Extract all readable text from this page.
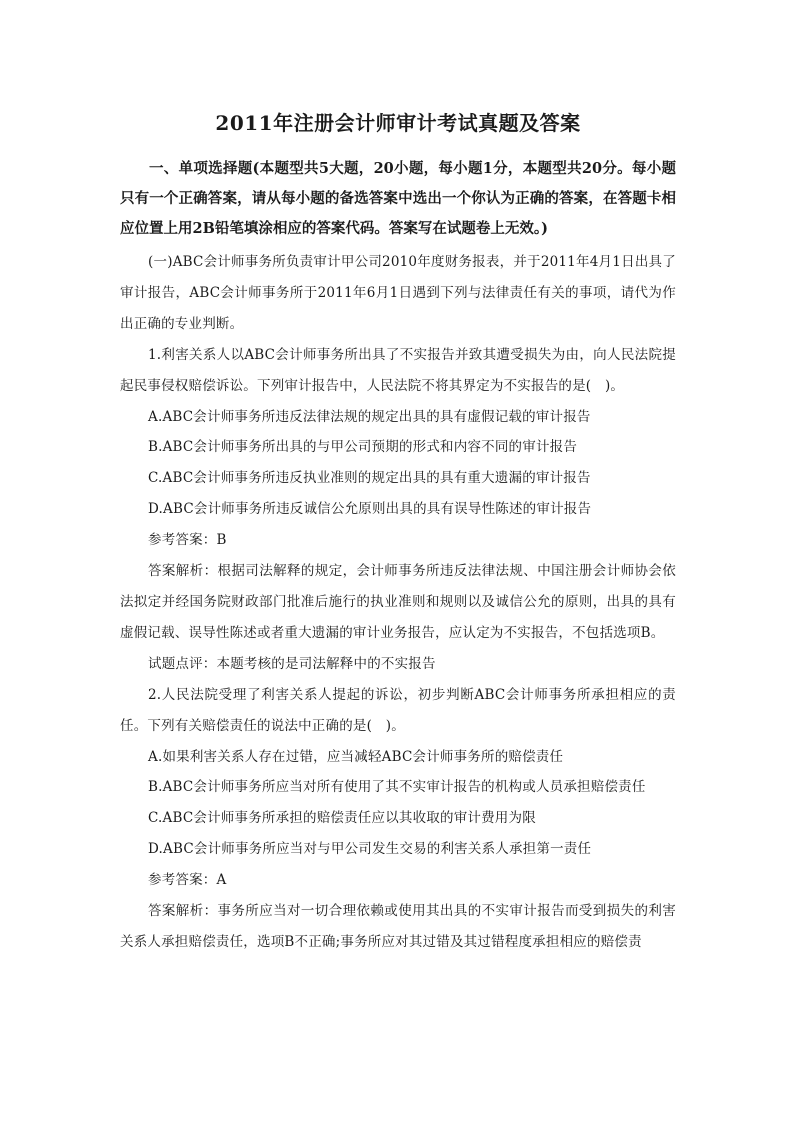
2011年注册会计师审计考试真题及答案
一、单项选择题(本题型共5大题，20小题，每小题1分，本题型共20分。每小题只有一个正确答案，请从每小题的备选答案中选出一个你认为正确的答案，在答题卡相应位置上用2B铅笔填涂相应的答案代码。答案写在试题卷上无效。)

(一)ABC会计师事务所负责审计甲公司2010年度财务报表，并于2011年4月1日出具了审计报告，ABC会计师事务所于2011年6月1日遇到下列与法律责任有关的事项，请代为作出正确的专业判断。

1.利害关系人以ABC会计师事务所出具了不实报告并致其遭受损失为由，向人民法院提起民事侵权赔偿诉讼。下列审计报告中，人民法院不将其界定为不实报告的是(　)。

A.ABC会计师事务所违反法律法规的规定出具的具有虚假记载的审计报告

B.ABC会计师事务所出具的与甲公司预期的形式和内容不同的审计报告

C.ABC会计师事务所违反执业准则的规定出具的具有重大遗漏的审计报告

D.ABC会计师事务所违反诚信公允原则出具的具有误导性陈述的审计报告

参考答案：B

答案解析：根据司法解释的规定，会计师事务所违反法律法规、中国注册会计师协会依法拟定并经国务院财政部门批准后施行的执业准则和规则以及诚信公允的原则，出具的具有虚假记载、误导性陈述或者重大遗漏的审计业务报告，应认定为不实报告，不包括选项B。

试题点评：本题考核的是司法解释中的不实报告

2.人民法院受理了利害关系人提起的诉讼，初步判断ABC会计师事务所承担相应的责任。下列有关赔偿责任的说法中正确的是(　)。

A.如果利害关系人存在过错，应当减轻ABC会计师事务所的赔偿责任

B.ABC会计师事务所应当对所有使用了其不实审计报告的机构或人员承担赔偿责任

C.ABC会计师事务所承担的赔偿责任应以其收取的审计费用为限

D.ABC会计师事务所应当对与甲公司发生交易的利害关系人承担第一责任

参考答案：A

答案解析：事务所应当对一切合理依赖或使用其出具的不实审计报告而受到损失的利害关系人承担赔偿责任，选项B不正确;事务所应对其过错及其过错程度承担相应的赔偿责
